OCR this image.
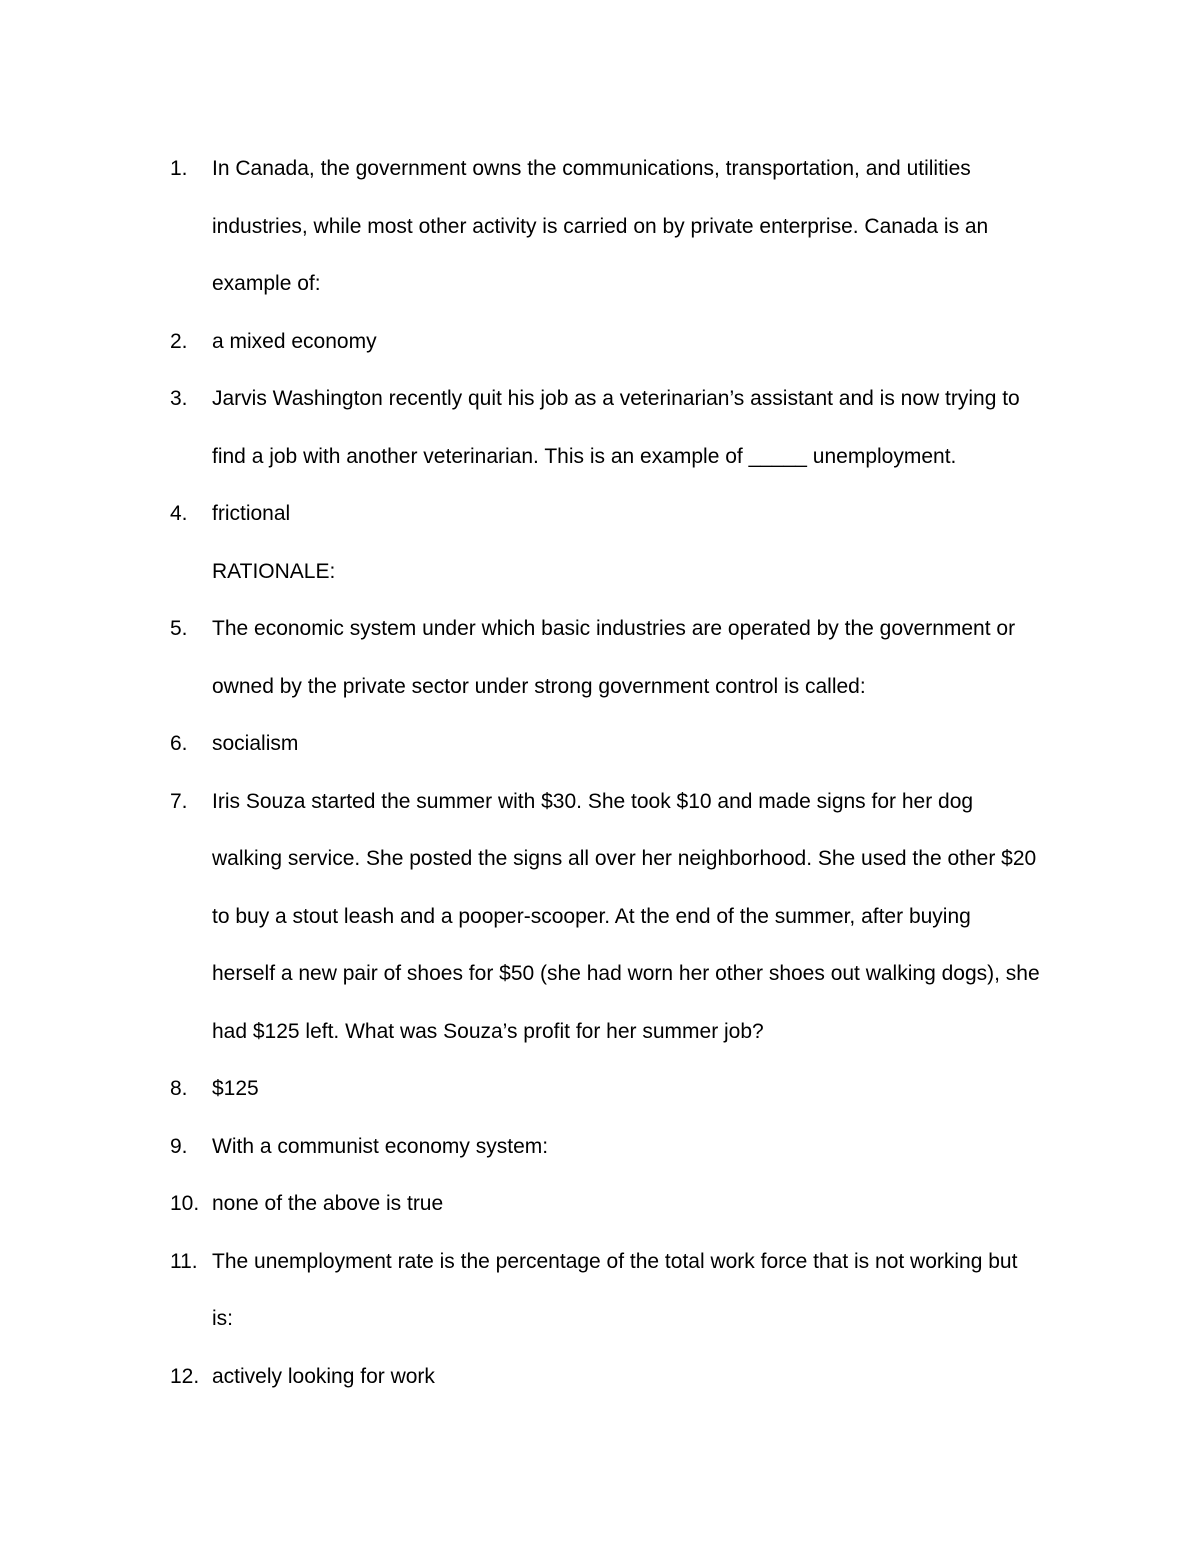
1.	In Canada, the government owns the communications, transportation, and utilities
industries, while most other activity is carried on by private enterprise. Canada is an
example of:
2.	a mixed economy
3.	Jarvis Washington recently quit his job as a veterinarian’s assistant and is now trying to
find a job with another veterinarian. This is an example of _____ unemployment.
4.	frictional
RATIONALE:
5.	The economic system under which basic industries are operated by the government or
owned by the private sector under strong government control is called:
6.	socialism
7.	Iris Souza started the summer with $30. She took $10 and made signs for her dog
walking service. She posted the signs all over her neighborhood. She used the other $20
to buy a stout leash and a pooper-scooper. At the end of the summer, after buying
herself a new pair of shoes for $50 (she had worn her other shoes out walking dogs), she
had $125 left. What was Souza’s profit for her summer job?
8.	$125
9.	With a communist economy system:
10. none of the above is true
11. The unemployment rate is the percentage of the total work force that is not working but
is:
12. actively looking for work
